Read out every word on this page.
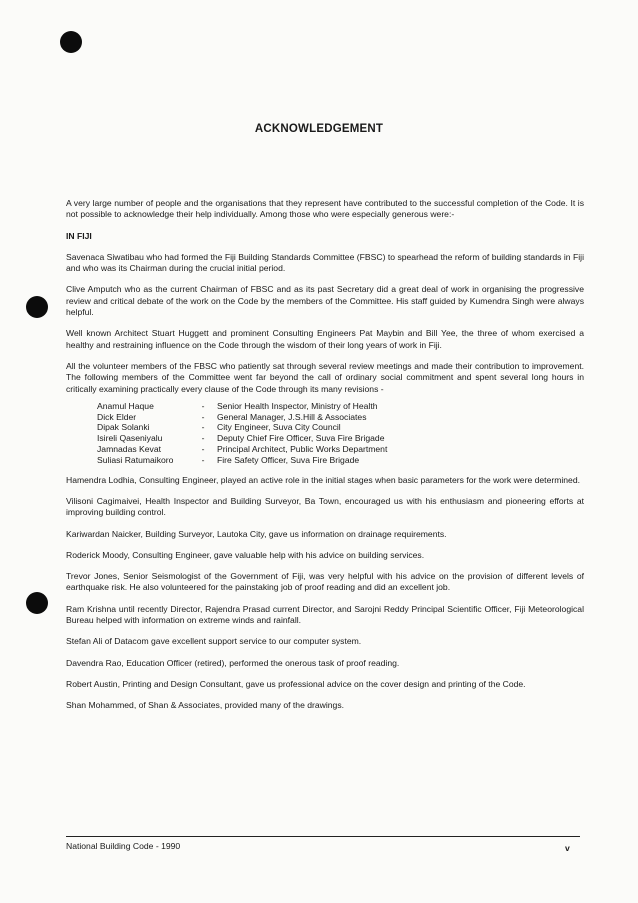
ACKNOWLEDGEMENT

A very large number of people and the organisations that they represent have contributed to the successful completion of the Code. It is not possible to acknowledge their help individually. Among those who were especially generous were:-

IN FIJI

Savenaca Siwatibau who had formed the Fiji Building Standards Committee (FBSC) to spearhead the reform of building standards in Fiji and who was its Chairman during the crucial initial period.

Clive Amputch who as the current Chairman of FBSC and as its past Secretary did a great deal of work in organising the progressive review and critical debate of the work on the Code by the members of the Committee. His staff guided by Kumendra Singh were always helpful.

Well known Architect Stuart Huggett and prominent Consulting Engineers Pat Maybin and Bill Yee, the three of whom exercised a healthy and restraining influence on the Code through the wisdom of their long years of work in Fiji.

All the volunteer members of the FBSC who patiently sat through several review meetings and made their contribution to improvement. The following members of the Committee went far beyond the call of ordinary social commitment and spent several long hours in critically examining practically every clause of the Code through its many revisions -

Anamul Haque	-	Senior Health Inspector, Ministry of Health
Dick Elder	-	General Manager, J.S.Hill & Associates
Dipak Solanki	-	City Engineer, Suva City Council
Isireli Qaseniyalu	-	Deputy Chief Fire Officer, Suva Fire Brigade
Jamnadas Kevat	-	Principal Architect, Public Works Department
Suliasi Ratumaikoro	-	Fire Safety Officer, Suva Fire Brigade

Hamendra Lodhia, Consulting Engineer, played an active role in the initial stages when basic parameters for the work were determined.

Vilisoni Cagimaivei, Health Inspector and Building Surveyor, Ba Town, encouraged us with his enthusiasm and pioneering efforts at improving building control.

Kariwardan Naicker, Building Surveyor, Lautoka City, gave us information on drainage requirements.

Roderick Moody, Consulting Engineer, gave valuable help with his advice on building services.

Trevor Jones, Senior Seismologist of the Government of Fiji, was very helpful with his advice on the provision of different levels of earthquake risk. He also volunteered for the painstaking job of proof reading and did an excellent job.

Ram Krishna until recently Director, Rajendra Prasad current Director, and Sarojni Reddy Principal Scientific Officer, Fiji Meteorological Bureau helped with information on extreme winds and rainfall.

Stefan Ali of Datacom gave excellent support service to our computer system.

Davendra Rao, Education Officer (retired), performed the onerous task of proof reading.

Robert Austin, Printing and Design Consultant, gave us professional advice on the cover design and printing of the Code.

Shan Mohammed, of Shan & Associates, provided many of the drawings.

National Building Code - 1990	v
